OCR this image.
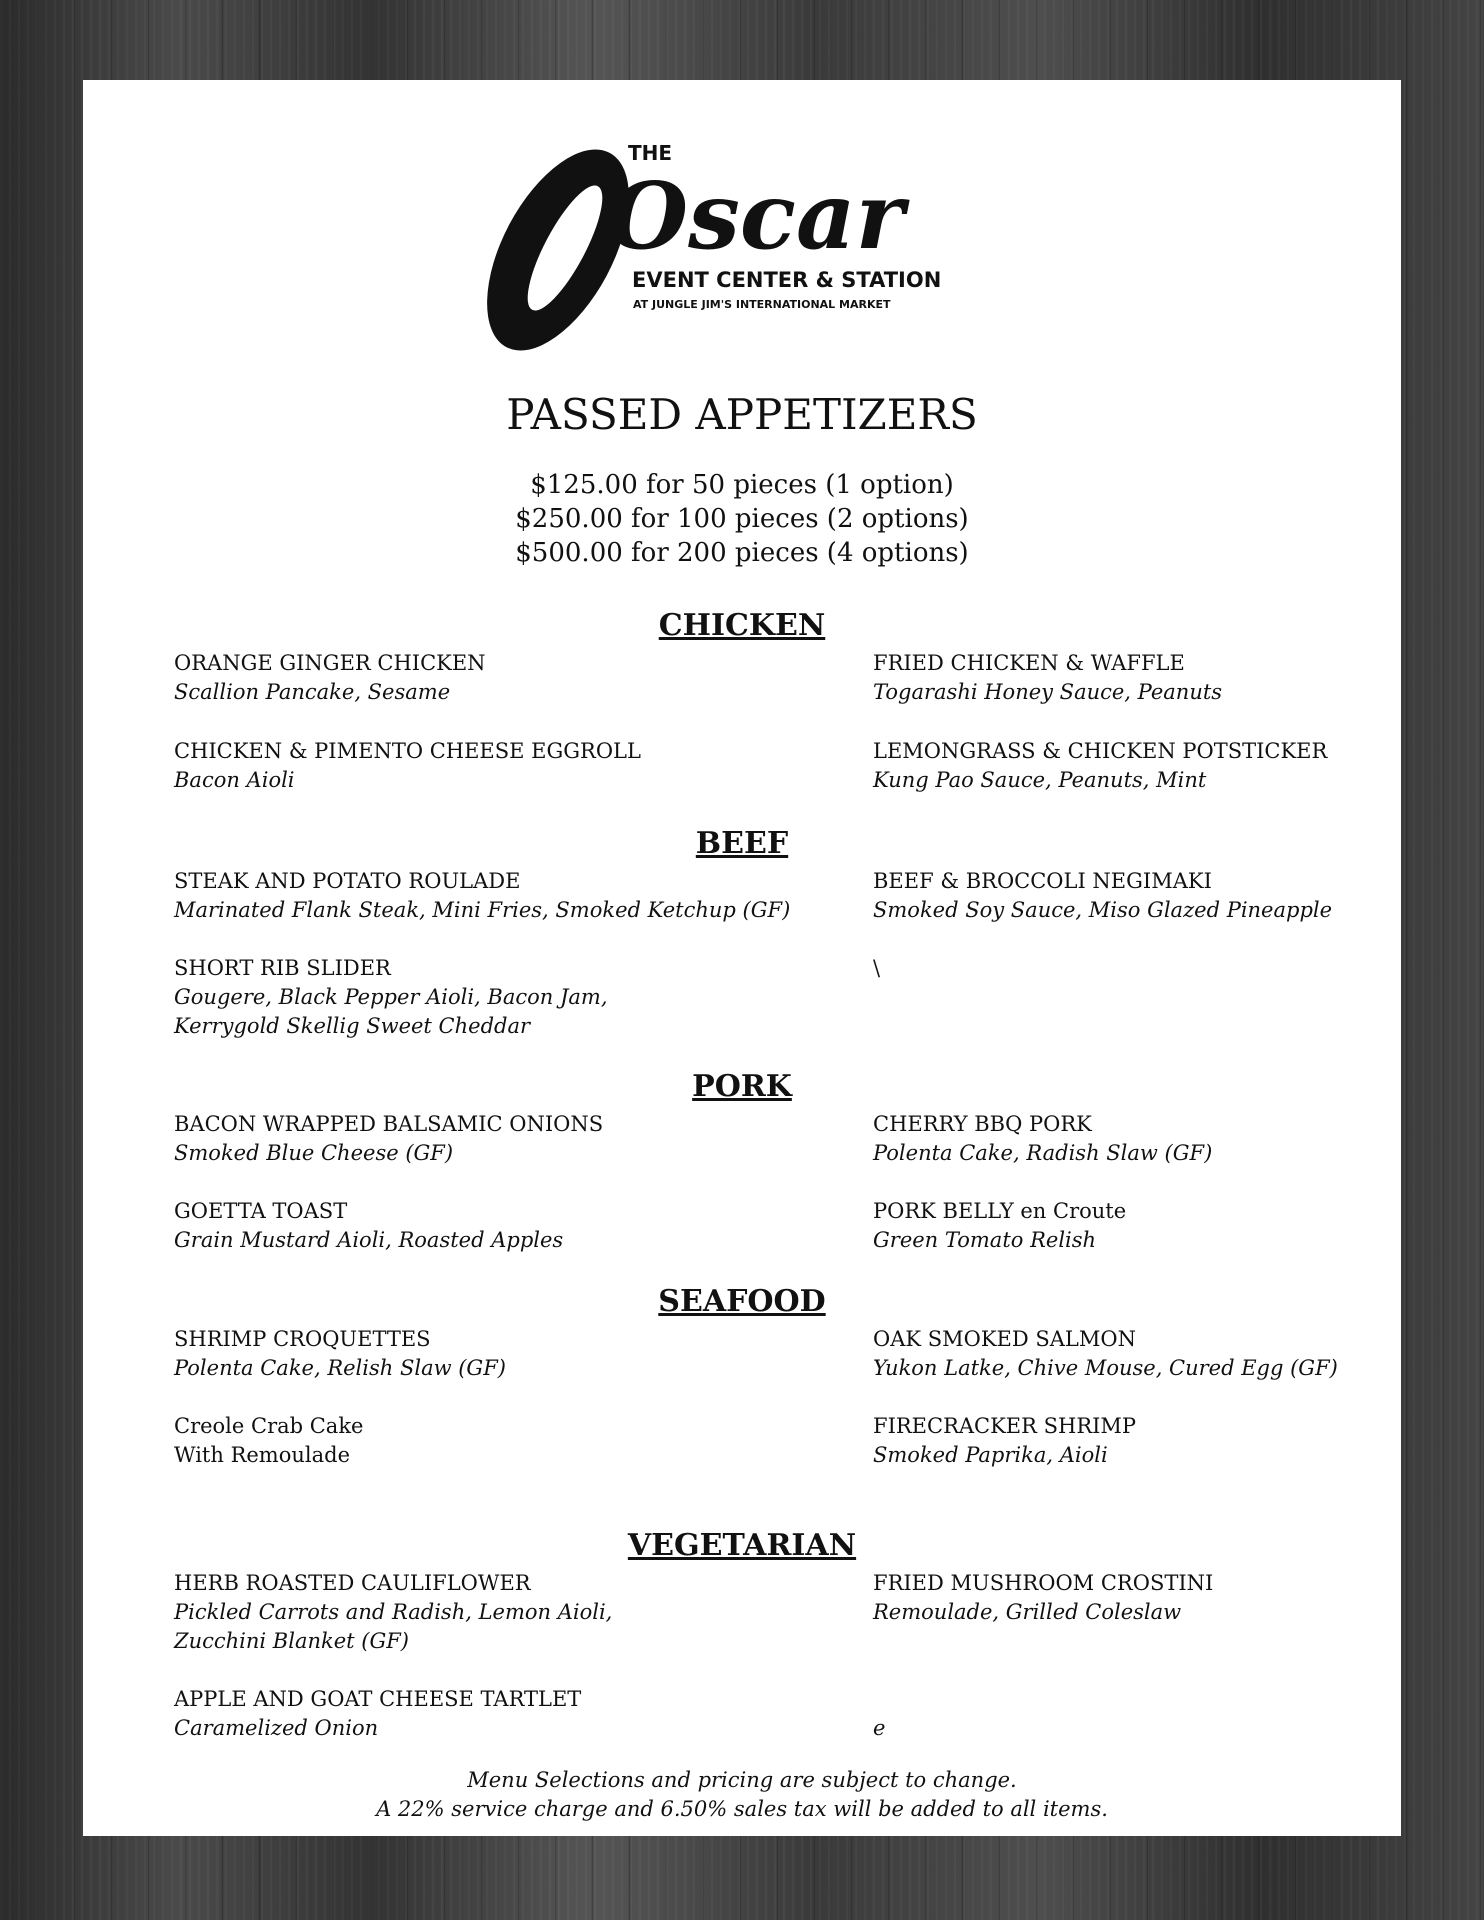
THE
Oscar
EVENT CENTER & STATION
AT JUNGLE JIM'S INTERNATIONAL MARKET
PASSED APPETIZERS
$125.00 for 50 pieces (1 option)
$250.00 for 100 pieces (2 options)
$500.00 for 200 pieces (4 options)
CHICKEN
ORANGE GINGER CHICKEN
Scallion Pancake, Sesame
FRIED CHICKEN & WAFFLE
Togarashi Honey Sauce, Peanuts
CHICKEN & PIMENTO CHEESE EGGROLL
Bacon Aioli
LEMONGRASS & CHICKEN POTSTICKER
Kung Pao Sauce, Peanuts, Mint
BEEF
STEAK AND POTATO ROULADE
Marinated Flank Steak, Mini Fries, Smoked Ketchup (GF)
BEEF & BROCCOLI NEGIMAKI
Smoked Soy Sauce, Miso Glazed Pineapple
SHORT RIB SLIDER
Gougere, Black Pepper Aioli, Bacon Jam,
Kerrygold Skellig Sweet Cheddar
\
PORK
BACON WRAPPED BALSAMIC ONIONS
Smoked Blue Cheese (GF)
CHERRY BBQ PORK
Polenta Cake, Radish Slaw (GF)
GOETTA TOAST
Grain Mustard Aioli, Roasted Apples
PORK BELLY en Croute
Green Tomato Relish
SEAFOOD
SHRIMP CROQUETTES
Polenta Cake, Relish Slaw (GF)
OAK SMOKED SALMON
Yukon Latke, Chive Mouse, Cured Egg (GF)
Creole Crab Cake
With Remoulade
FIRECRACKER SHRIMP
Smoked Paprika, Aioli
VEGETARIAN
HERB ROASTED CAULIFLOWER
Pickled Carrots and Radish, Lemon Aioli,
Zucchini Blanket (GF)
FRIED MUSHROOM CROSTINI
Remoulade, Grilled Coleslaw
APPLE AND GOAT CHEESE TARTLET
Caramelized Onion	e
Menu Selections and pricing are subject to change.
A 22% service charge and 6.50% sales tax will be added to all items.
